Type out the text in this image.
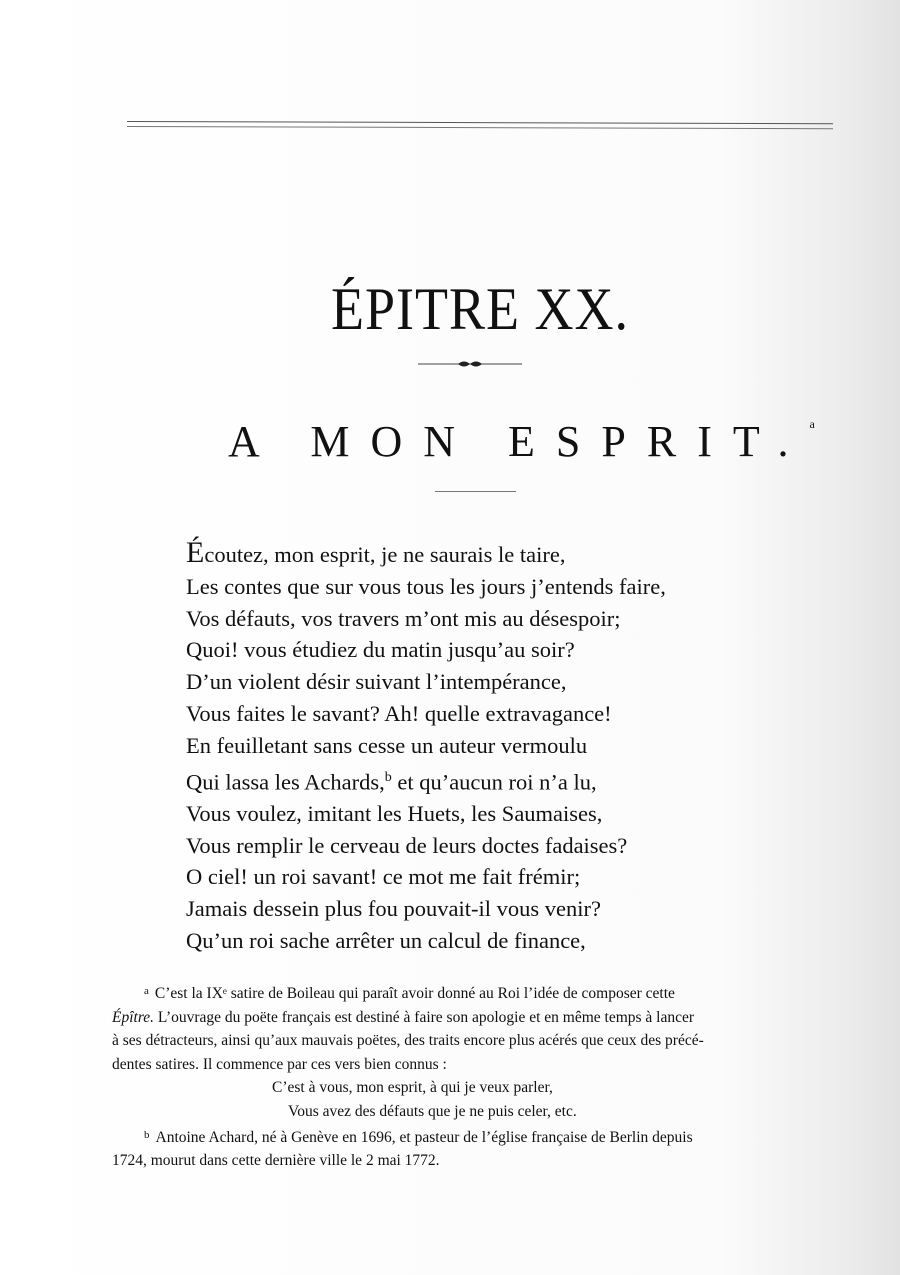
ÉPITRE XX.
A MON ESPRIT.$^a$
Écoutez, mon esprit, je ne saurais le taire,
Les contes que sur vous tous les jours j’entends faire,
Vos défauts, vos travers m’ont mis au désespoir;
Quoi! vous étudiez du matin jusqu’au soir?
D’un violent désir suivant l’intempérance,
Vous faites le savant? Ah! quelle extravagance!
En feuilletant sans cesse un auteur vermoulu
Qui lassa les Achards,$^b$ et qu’aucun roi n’a lu,
Vous voulez, imitant les Huets, les Saumaises,
Vous remplir le cerveau de leurs doctes fadaises?
O ciel! un roi savant! ce mot me fait frémir;
Jamais dessein plus fou pouvait-il vous venir?
Qu’un roi sache arrêter un calcul de finance,

$^a$ C’est la IXᵉ satire de Boileau qui paraît avoir donné au Roi l’idée de composer cette

Épître. L’ouvrage du poëte français est destiné à faire son apologie et en même temps à lancer

à ses détracteurs, ainsi qu’aux mauvais poëtes, des traits encore plus acérés que ceux des précé-

dentes satires. Il commence par ces vers bien connus :

C’est à vous, mon esprit, à qui je veux parler,

Vous avez des défauts que je ne puis celer, etc.

$^b$ Antoine Achard, né à Genève en 1696, et pasteur de l’église française de Berlin depuis

1724, mourut dans cette dernière ville le 2 mai 1772.
